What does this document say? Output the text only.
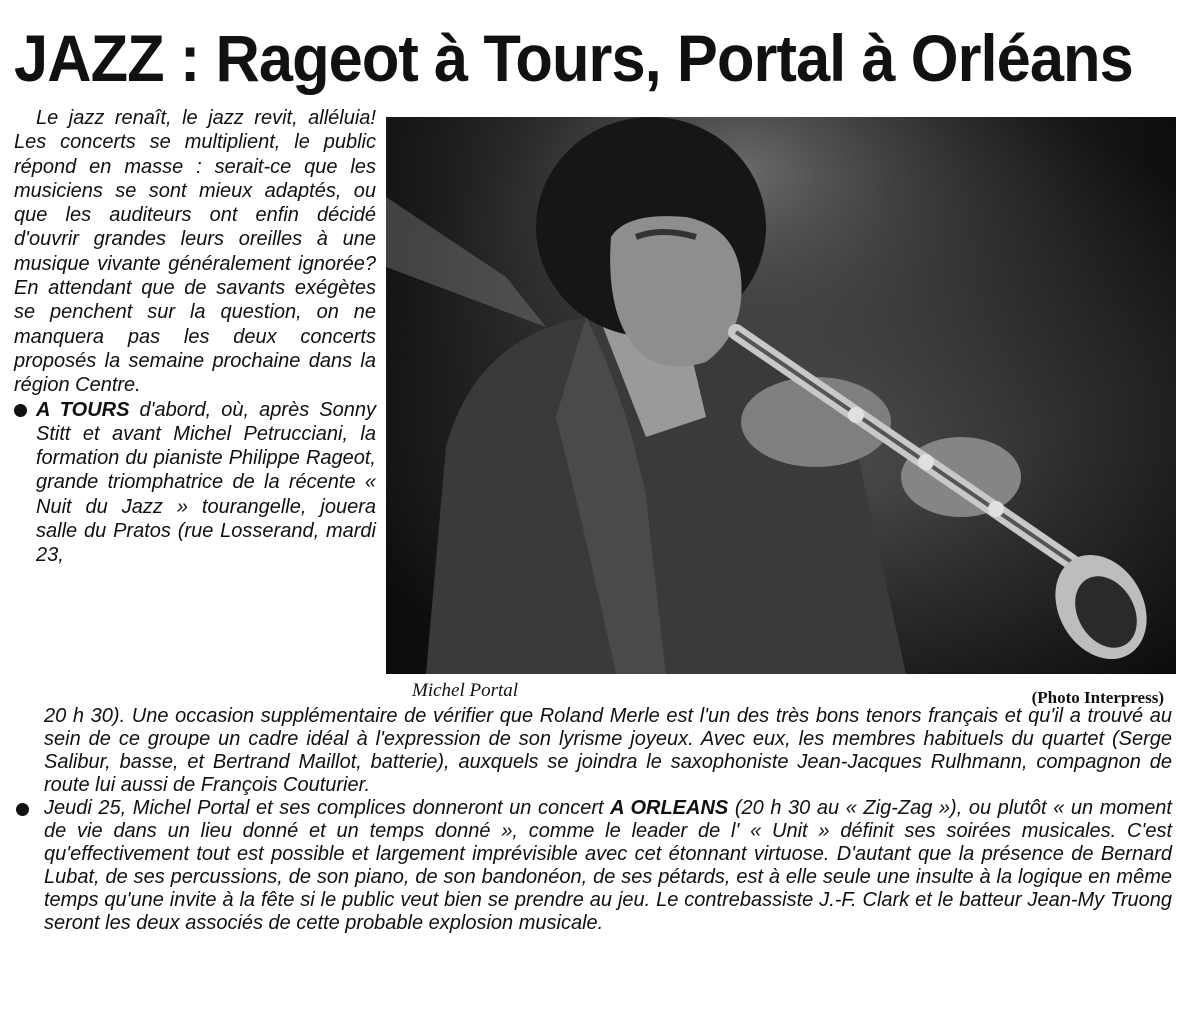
JAZZ : Rageot à Tours, Portal à Orléans

Le jazz renaît, le jazz revit, alléluia! Les concerts se multiplient, le public répond en masse : serait-ce que les musiciens se sont mieux adaptés, ou que les auditeurs ont enfin décidé d'ouvrir grandes leurs oreilles à une musique vivante généralement ignorée? En attendant que de savants exégètes se penchent sur la question, on ne manquera pas les deux concerts proposés la semaine prochaine dans la région Centre.

A TOURS d'abord, où, après Sonny Stitt et avant Michel Petrucciani, la formation du pianiste Philippe Rageot, grande triomphatrice de la récente « Nuit du Jazz » tourangelle, jouera salle du Pratos (rue Losserand, mardi 23,

Michel Portal	(Photo Interpress)

20 h 30). Une occasion supplémentaire de vérifier que Roland Merle est l'un des très bons tenors français et qu'il a trouvé au sein de ce groupe un cadre idéal à l'expression de son lyrisme joyeux. Avec eux, les membres habituels du quartet (Serge Salibur, basse, et Bertrand Maillot, batterie), auxquels se joindra le saxophoniste Jean-Jacques Rulhmann, compagnon de route lui aussi de François Couturier.

Jeudi 25, Michel Portal et ses complices donneront un concert A ORLEANS (20 h 30 au « Zig-Zag »), ou plutôt « un moment de vie dans un lieu donné et un temps donné », comme le leader de l' « Unit » définit ses soirées musicales. C'est qu'effectivement tout est possible et largement imprévisible avec cet étonnant virtuose. D'autant que la présence de Bernard Lubat, de ses percussions, de son piano, de son bandonéon, de ses pétards, est à elle seule une insulte à la logique en même temps qu'une invite à la fête si le public veut bien se prendre au jeu. Le contrebassiste J.-F. Clark et le batteur Jean-My Truong seront les deux associés de cette probable explosion musicale.
